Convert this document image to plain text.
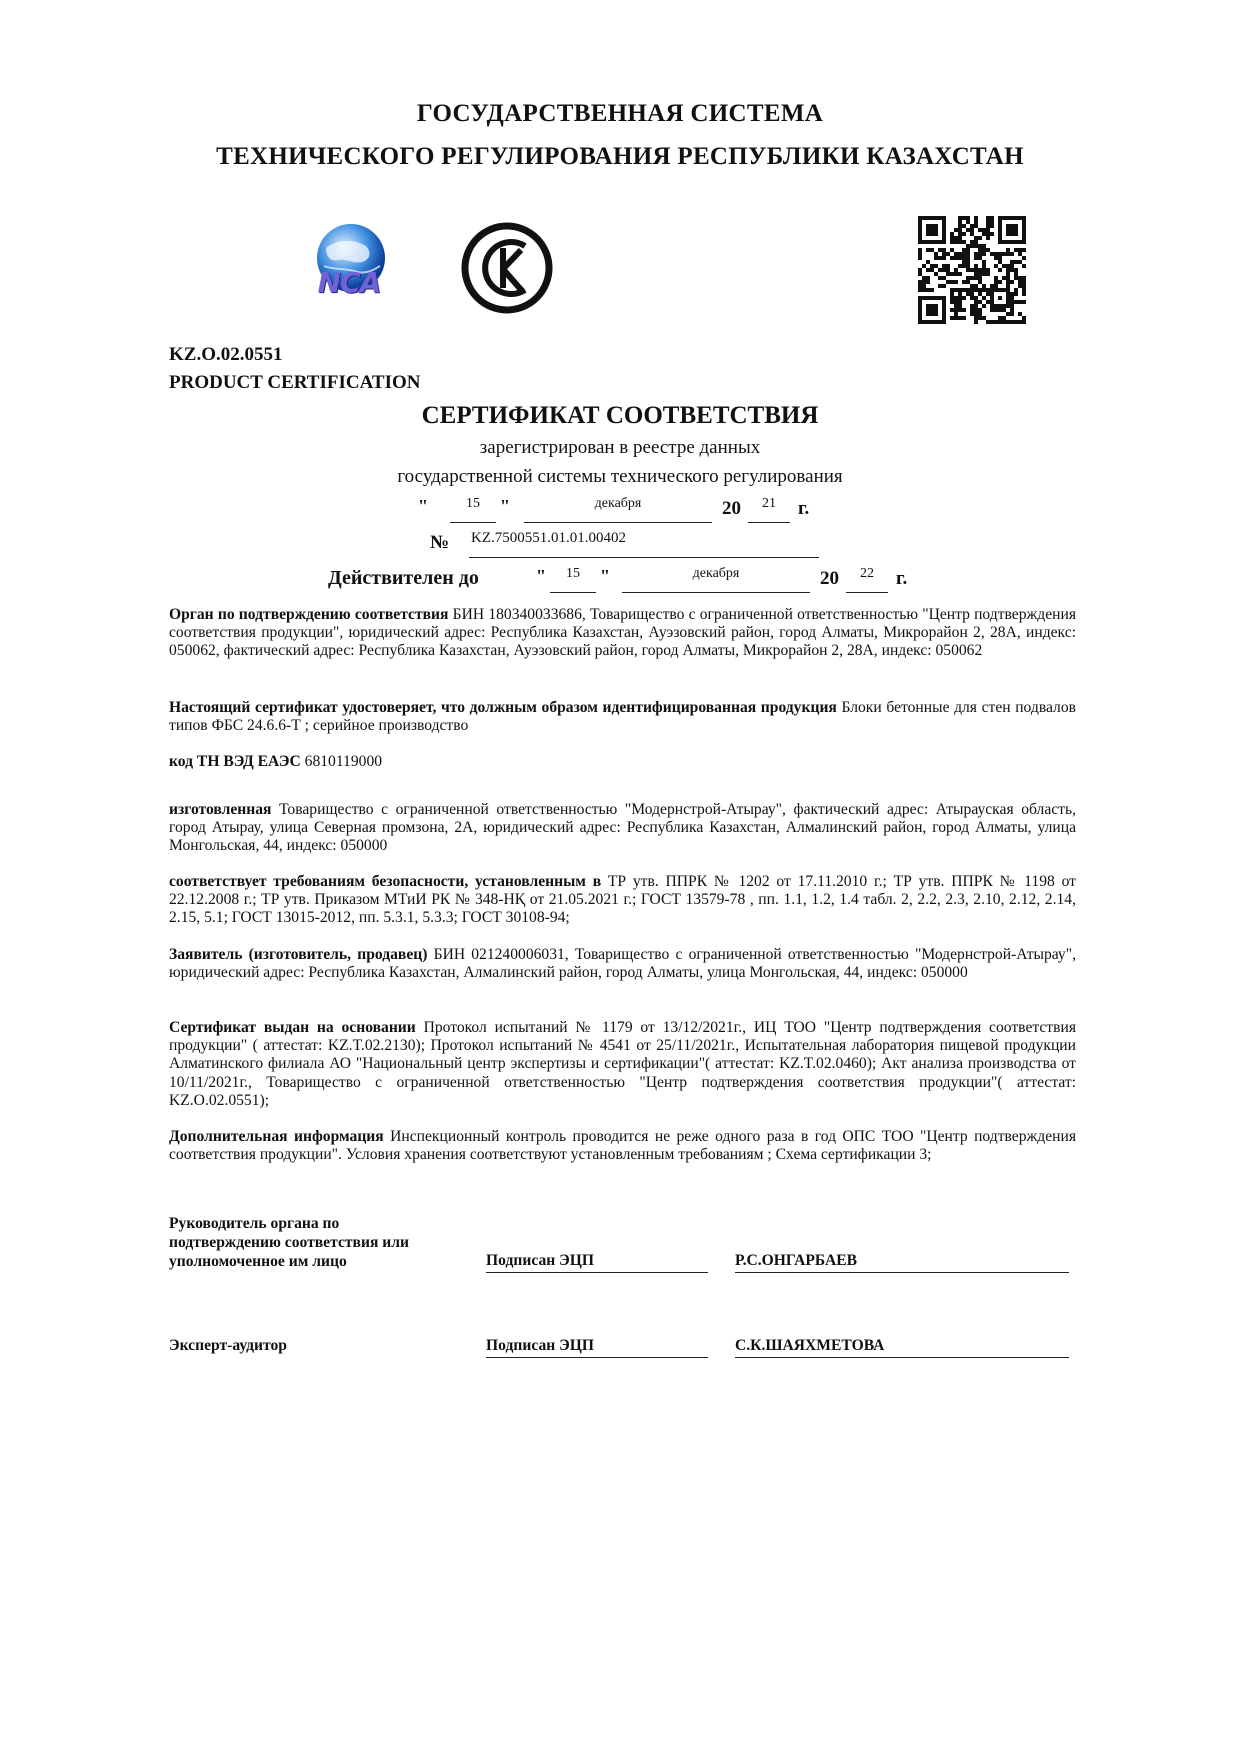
ГОСУДАРСТВЕННАЯ СИСТЕМА
ТЕХНИЧЕСКОГО РЕГУЛИРОВАНИЯ РЕСПУБЛИКИ КАЗАХСТАН
NCA
KZ.O.02.0551
PRODUCT CERTIFICATION
СЕРТИФИКАТ СООТВЕТСТВИЯ
зарегистрирован в реестре данных
государственной системы технического регулирования
"	15	"	декабря	20	21	г.
№ KZ.7500551.01.01.00402
Действителен до	"	15	"	декабря	20	22	г.
Орган по подтверждению соответствия БИН 180340033686, Товарищество с ограниченной ответственностью "Центр подтверждения соответствия продукции", юридический адрес: Республика Казахстан, Ауэзовский район, город Алматы, Микрорайон 2, 28А, индекс: 050062, фактический адрес: Республика Казахстан, Ауэзовский район, город Алматы, Микрорайон 2, 28А, индекс: 050062
Настоящий сертификат удостоверяет, что должным образом идентифицированная продукция Блоки бетонные для стен подвалов типов ФБС 24.6.6-Т ; серийное производство
код ТН ВЭД ЕАЭС 6810119000
изготовленная Товарищество с ограниченной ответственностью "Модернстрой-Атырау", фактический адрес: Атырауская область, город Атырау, улица Северная промзона, 2А, юридический адрес: Республика Казахстан, Алмалинский район, город Алматы, улица Монгольская, 44, индекс: 050000
соответствует требованиям безопасности, установленным в ТР утв. ППРК № 1202 от 17.11.2010 г.; ТР утв. ППРК № 1198 от 22.12.2008 г.; ТР утв. Приказом МТиИ РК № 348-НҚ от 21.05.2021 г.; ГОСТ 13579-78 , пп. 1.1, 1.2, 1.4 табл. 2, 2.2, 2.3, 2.10, 2.12, 2.14, 2.15, 5.1; ГОСТ 13015-2012, пп. 5.3.1, 5.3.3; ГОСТ 30108-94;
Заявитель (изготовитель, продавец) БИН 021240006031, Товарищество с ограниченной ответственностью "Модернстрой-Атырау", юридический адрес: Республика Казахстан, Алмалинский район, город Алматы, улица Монгольская, 44, индекс: 050000
Сертификат выдан на основании Протокол испытаний № 1179 от 13/12/2021г., ИЦ ТОО "Центр подтверждения соответствия продукции" ( аттестат: KZ.T.02.2130); Протокол испытаний № 4541 от 25/11/2021г., Испытательная лаборатория пищевой продукции Алматинского филиала АО "Национальный центр экспертизы и сертификации"( аттестат: KZ.T.02.0460); Акт анализа производства от 10/11/2021г., Товарищество с ограниченной ответственностью "Центр подтверждения соответствия продукции"( аттестат: KZ.O.02.0551);
Дополнительная информация Инспекционный контроль проводится не реже одного раза в год ОПС ТОО "Центр подтверждения соответствия продукции". Условия хранения соответствуют установленным требованиям ; Схема сертификации 3;
Руководитель органа по
подтверждению соответствия или
уполномоченное им лицо	Подписан ЭЦП	Р.С.ОНГАРБАЕВ
Эксперт-аудитор	Подписан ЭЦП	С.К.ШАЯХМЕТОВА
